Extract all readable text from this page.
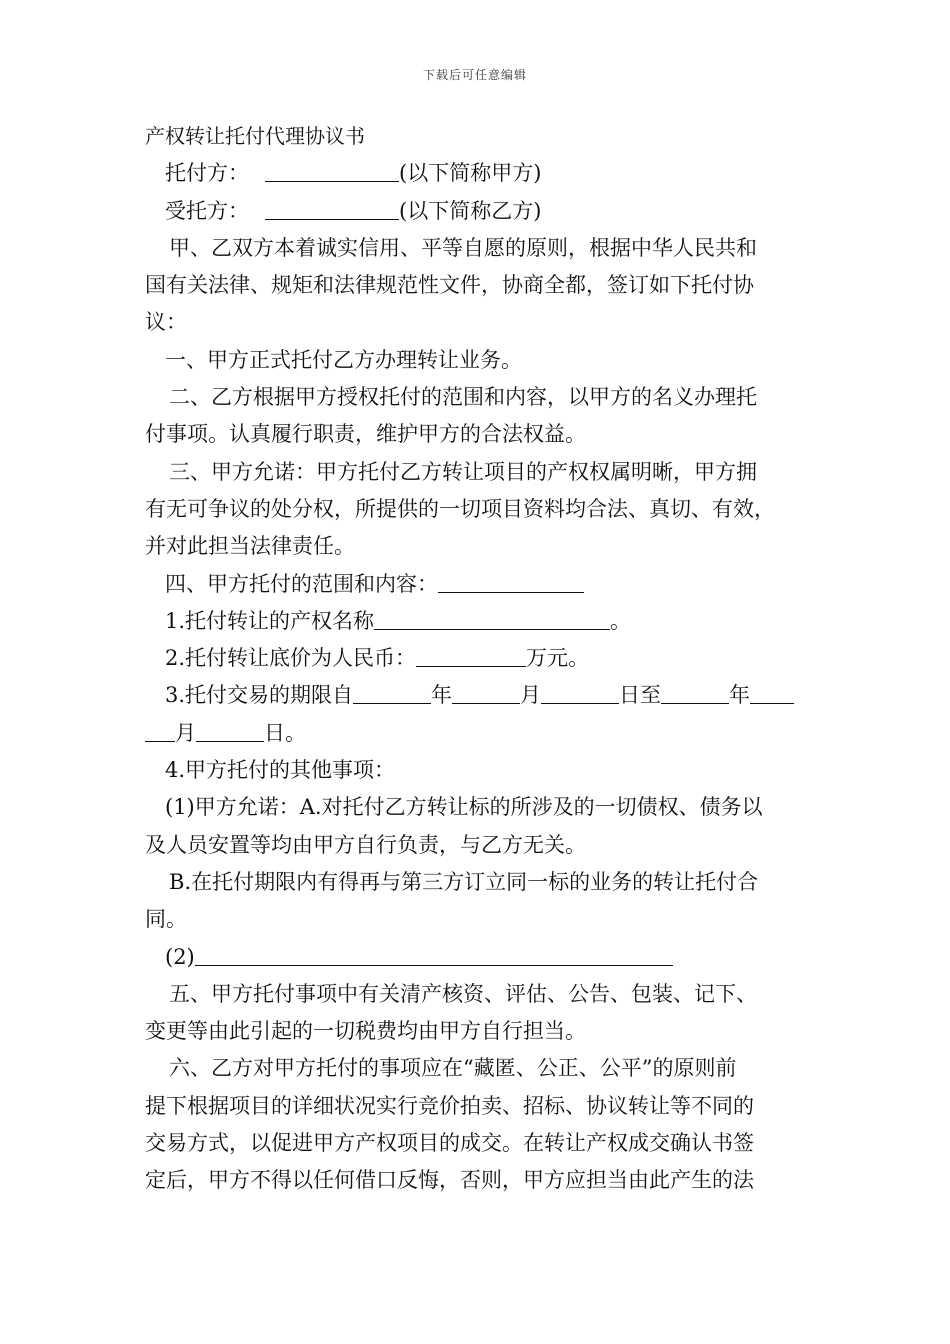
下载后可任意编辑
产权转让托付代理协议书
托付方：	(以下简称甲方)
受托方：	(以下简称乙方)
甲、乙双方本着诚实信用、平等自愿的原则，根据中华人民共和
国有关法律、规矩和法律规范性文件，协商全都，签订如下托付协
议：
一、甲方正式托付乙方办理转让业务。
二、乙方根据甲方授权托付的范围和内容，以甲方的名义办理托
付事项。认真履行职责，维护甲方的合法权益。
三、甲方允诺：甲方托付乙方转让项目的产权权属明晰，甲方拥
有无可争议的处分权，所提供的一切项目资料均合法、真切、有效，
并对此担当法律责任。
四、甲方托付的范围和内容：
1.托付转让的产权名称	。
2.托付转让底价为人民币：	万元。
3.托付交易的期限自	年	月	日至	年
月	日。
4.甲方托付的其他事项：
(1)甲方允诺：A.对托付乙方转让标的所涉及的一切债权、债务以
及人员安置等均由甲方自行负责，与乙方无关。
B.在托付期限内有得再与第三方订立同一标的业务的转让托付合
同。
(2)
五、甲方托付事项中有关清产核资、评估、公告、包装、记下、
变更等由此引起的一切税费均由甲方自行担当。
六、乙方对甲方托付的事项应在“藏匿、公正、公平”的原则前
提下根据项目的详细状况实行竞价拍卖、招标、协议转让等不同的
交易方式，以促进甲方产权项目的成交。在转让产权成交确认书签
定后，甲方不得以任何借口反悔，否则，甲方应担当由此产生的法
